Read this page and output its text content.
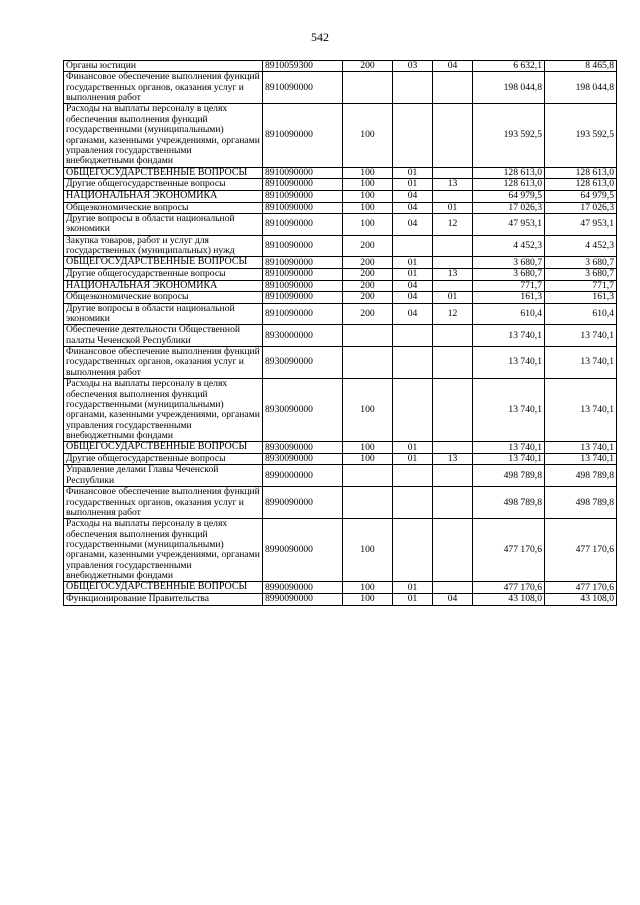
542
Органы юстиции	8910059300	200	03	04	6 632,1	8 465,8
Финансовое обеспечение выполнения функций государственных органов, оказания услуг и выполнения работ	8910090000				198 044,8	198 044,8
Расходы на выплаты персоналу в целях обеспечения выполнения функций государственными (муниципальными) органами, казенными учреждениями, органами управления государственными внебюджетными фондами	8910090000	100			193 592,5	193 592,5
ОБЩЕГОСУДАРСТВЕННЫЕ ВОПРОСЫ	8910090000	100	01		128 613,0	128 613,0
Другие общегосударственные вопросы	8910090000	100	01	13	128 613,0	128 613,0
НАЦИОНАЛЬНАЯ ЭКОНОМИКА	8910090000	100	04		64 979,5	64 979,5
Общеэкономические вопросы	8910090000	100	04	01	17 026,3	17 026,3
Другие вопросы в области национальной экономики	8910090000	100	04	12	47 953,1	47 953,1
Закупка товаров, работ и услуг для государственных (муниципальных) нужд	8910090000	200			4 452,3	4 452,3
ОБЩЕГОСУДАРСТВЕННЫЕ ВОПРОСЫ	8910090000	200	01		3 680,7	3 680,7
Другие общегосударственные вопросы	8910090000	200	01	13	3 680,7	3 680,7
НАЦИОНАЛЬНАЯ ЭКОНОМИКА	8910090000	200	04		771,7	771,7
Общеэкономические вопросы	8910090000	200	04	01	161,3	161,3
Другие вопросы в области национальной экономики	8910090000	200	04	12	610,4	610,4
Обеспечение деятельности Общественной палаты Чеченской Республики	8930000000				13 740,1	13 740,1
Финансовое обеспечение выполнения функций государственных органов, оказания услуг и выполнения работ	8930090000				13 740,1	13 740,1
Расходы на выплаты персоналу в целях обеспечения выполнения функций государственными (муниципальными) органами, казенными учреждениями, органами управления государственными внебюджетными фондами	8930090000	100			13 740,1	13 740,1
ОБЩЕГОСУДАРСТВЕННЫЕ ВОПРОСЫ	8930090000	100	01		13 740,1	13 740,1
Другие общегосударственные вопросы	8930090000	100	01	13	13 740,1	13 740,1
Управление делами Главы Чеченской Республики	8990000000				498 789,8	498 789,8
Финансовое обеспечение выполнения функций государственных органов, оказания услуг и выполнения работ	8990090000				498 789,8	498 789,8
Расходы на выплаты персоналу в целях обеспечения выполнения функций государственными (муниципальными) органами, казенными учреждениями, органами управления государственными внебюджетными фондами	8990090000	100			477 170,6	477 170,6
ОБЩЕГОСУДАРСТВЕННЫЕ ВОПРОСЫ	8990090000	100	01		477 170,6	477 170,6
Функционирование Правительства	8990090000	100	01	04	43 108,0	43 108,0
